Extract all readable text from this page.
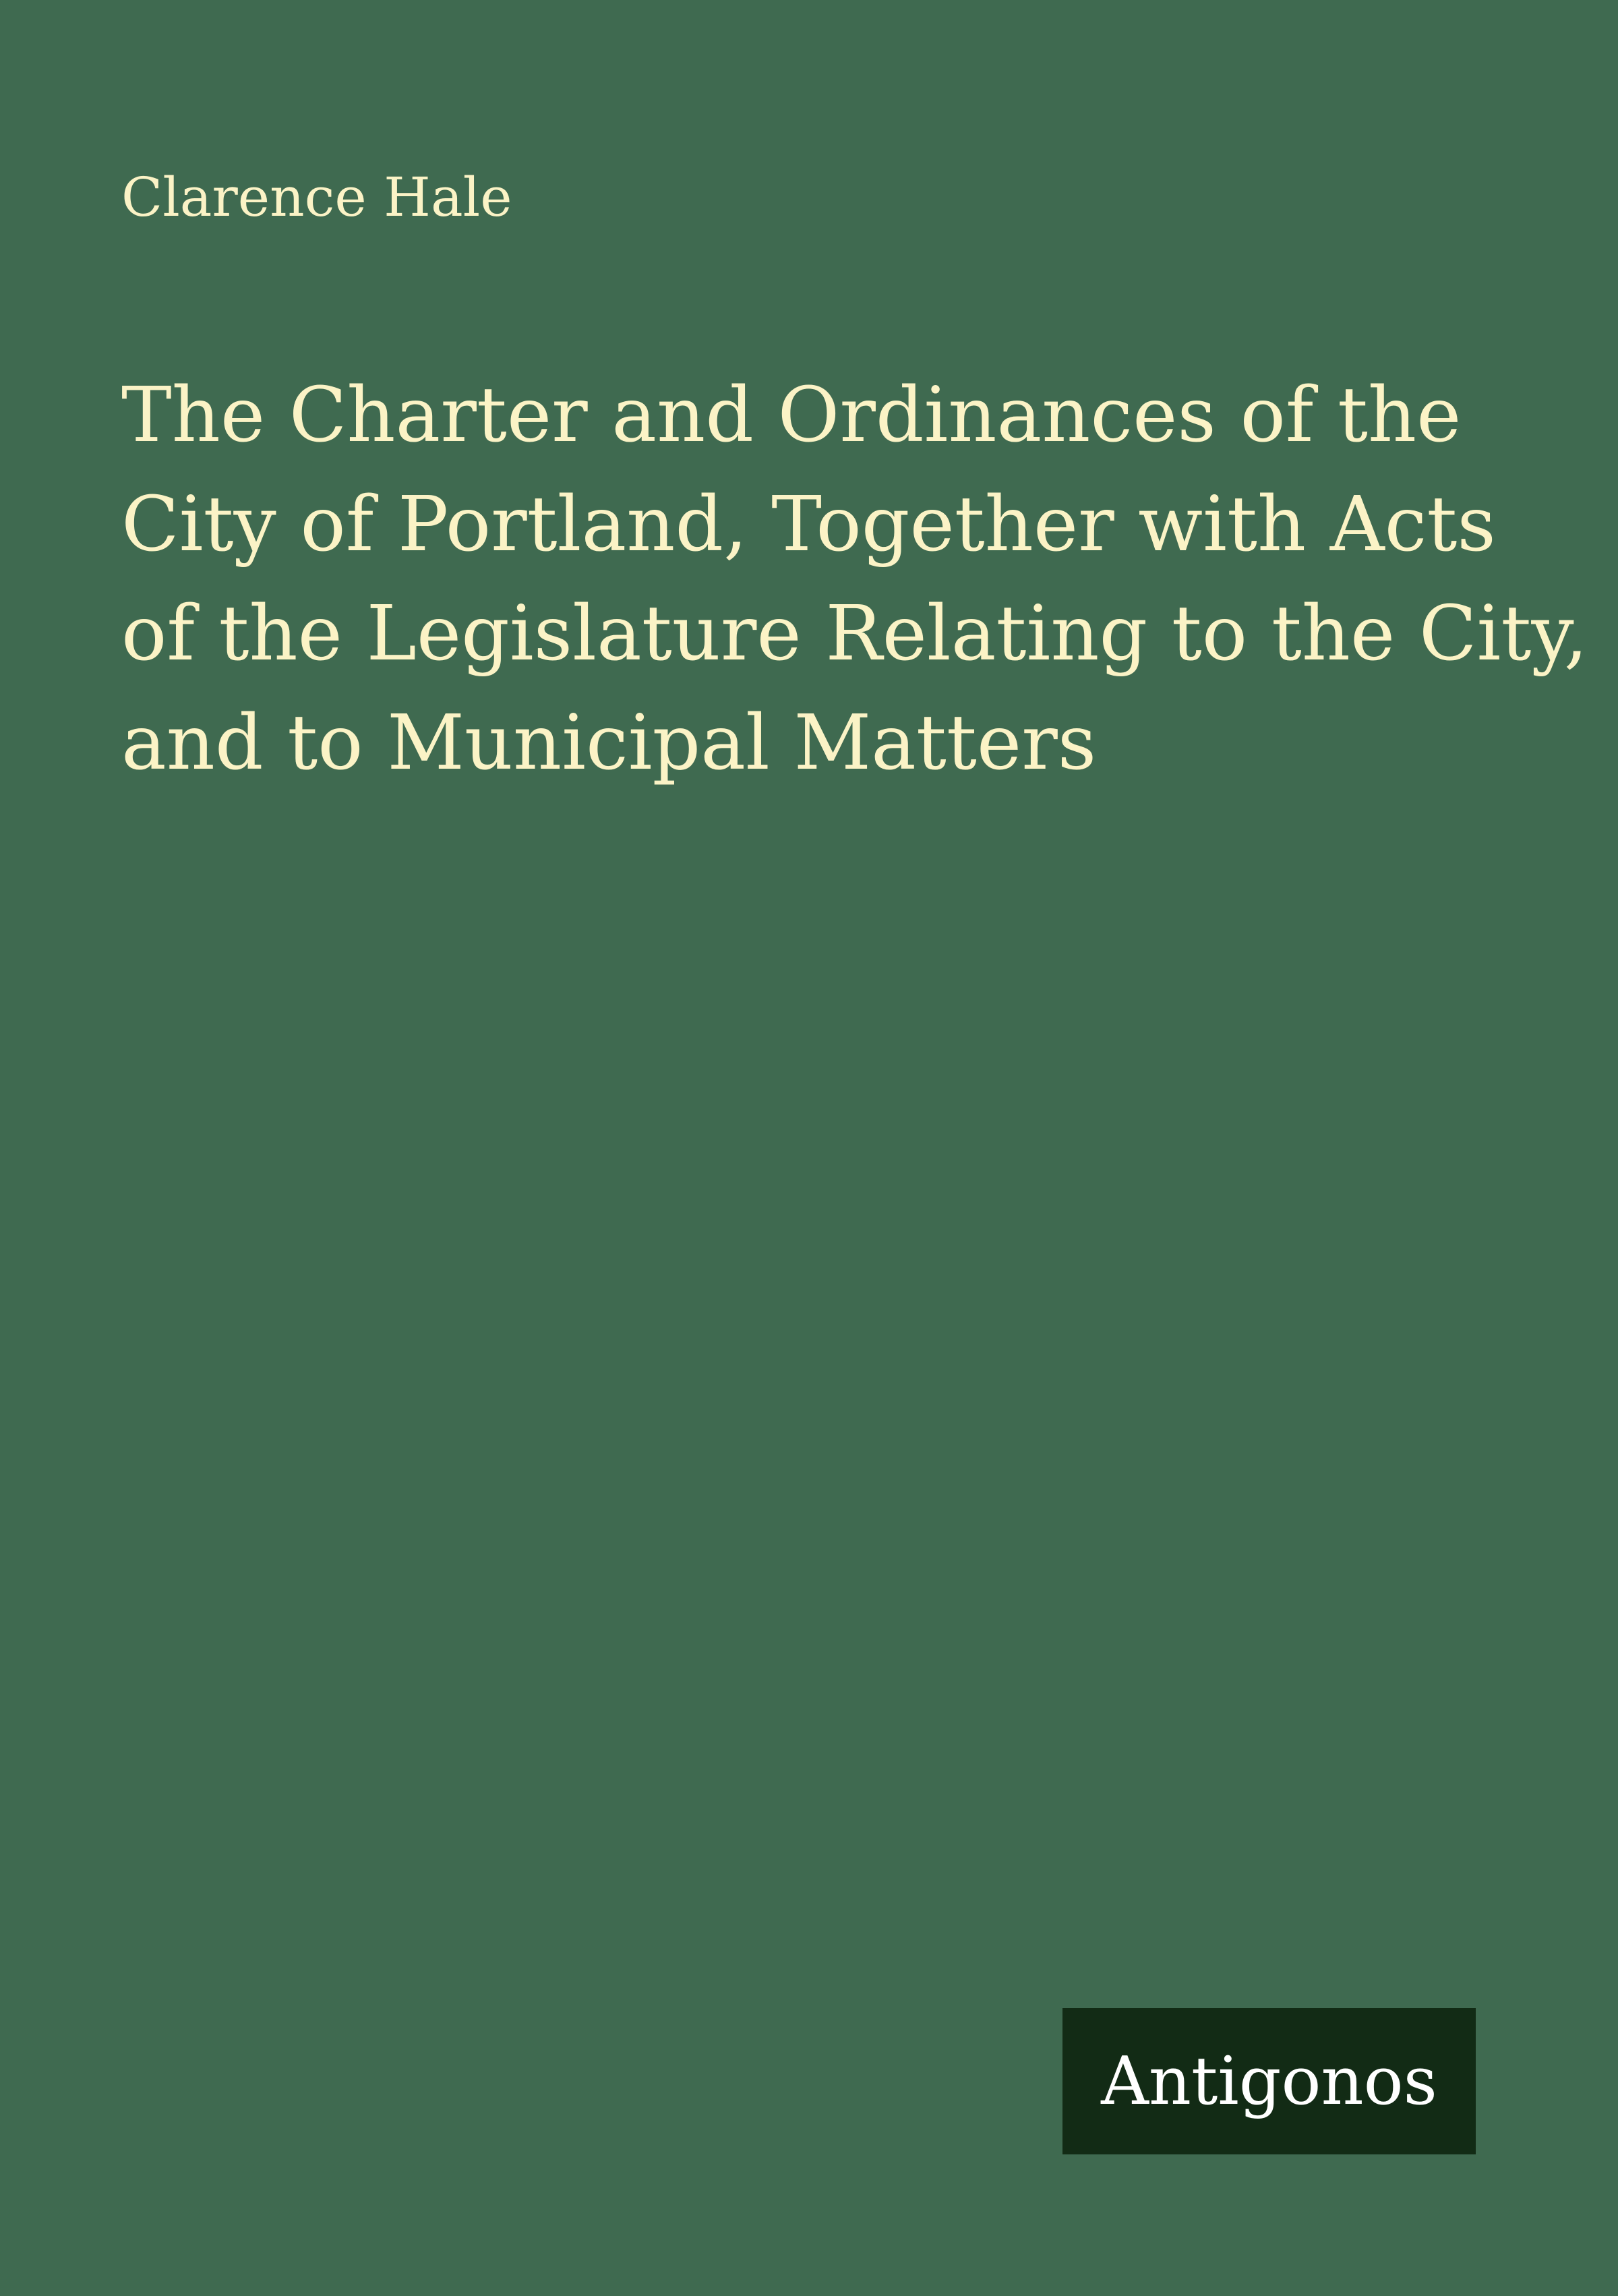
Clarence Hale
The Charter and Ordinances of the
City of Portland, Together with Acts
of the Legislature Relating to the City,
and to Municipal Matters
Antigonos
